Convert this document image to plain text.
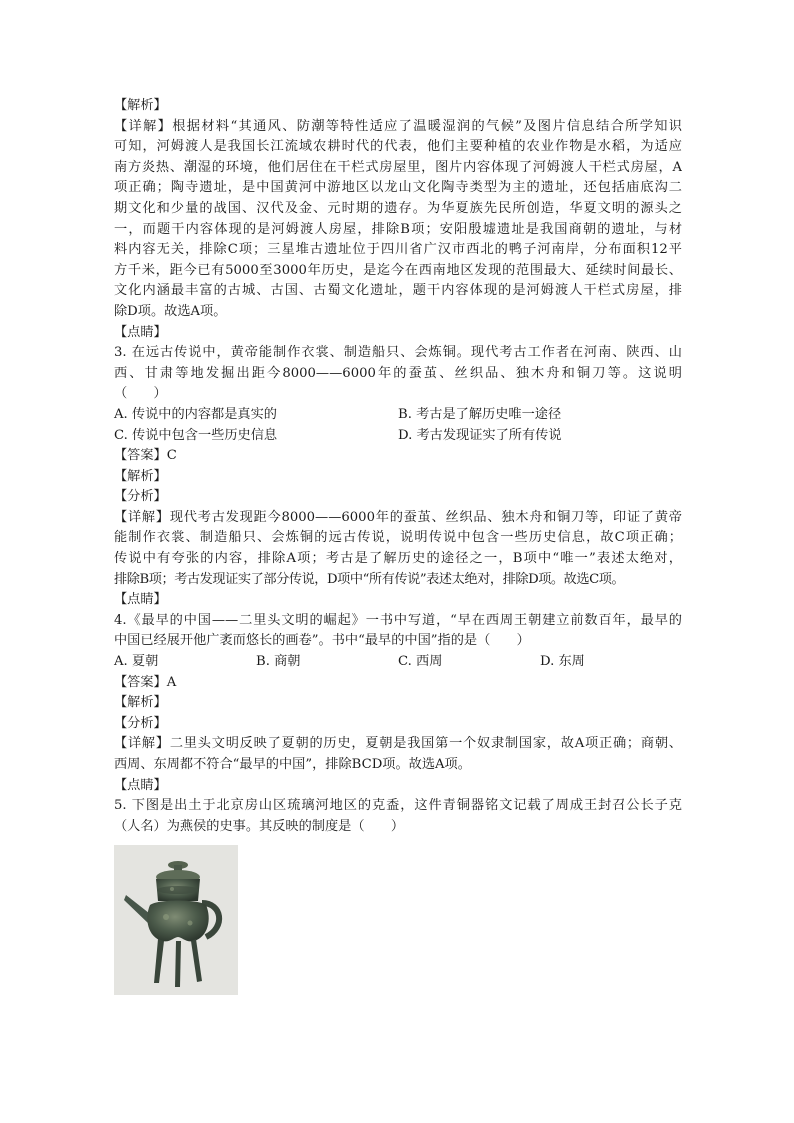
【解析】
【详解】根据材料“其通风、防潮等特性适应了温暖湿润的气候”及图片信息结合所学知识
可知，河姆渡人是我国长江流域农耕时代的代表，他们主要种植的农业作物是水稻，为适应
南方炎热、潮湿的环境，他们居住在干栏式房屋里，图片内容体现了河姆渡人干栏式房屋，A
项正确；陶寺遗址，是中国黄河中游地区以龙山文化陶寺类型为主的遗址，还包括庙底沟二
期文化和少量的战国、汉代及金、元时期的遗存。为华夏族先民所创造，华夏文明的源头之
一，而题干内容体现的是河姆渡人房屋，排除B项；安阳殷墟遗址是我国商朝的遗址，与材
料内容无关，排除C项；三星堆古遗址位于四川省广汉市西北的鸭子河南岸，分布面积12平
方千米，距今已有5000至3000年历史，是迄今在西南地区发现的范围最大、延续时间最长、
文化内涵最丰富的古城、古国、古蜀文化遗址，题干内容体现的是河姆渡人干栏式房屋，排
除D项。故选A项。
【点睛】
3. 在远古传说中，黄帝能制作衣裳、制造船只、会炼铜。现代考古工作者在河南、陕西、山
西、甘肃等地发掘出距今8000——6000年的蚕茧、丝织品、独木舟和铜刀等。这说明
（　　）
A. 传说中的内容都是真实的	B. 考古是了解历史唯一途径
C. 传说中包含一些历史信息	D. 考古发现证实了所有传说
【答案】C
【解析】
【分析】
【详解】现代考古发现距今8000——6000年的蚕茧、丝织品、独木舟和铜刀等，印证了黄帝
能制作衣裳、制造船只、会炼铜的远古传说，说明传说中包含一些历史信息，故C项正确；
传说中有夸张的内容，排除A项；考古是了解历史的途径之一，B项中“唯一”表述太绝对，
排除B项；考古发现证实了部分传说，D项中“所有传说”表述太绝对，排除D项。故选C项。
【点睛】
4.《最早的中国——二里头文明的崛起》一书中写道，“早在西周王朝建立前数百年，最早的
中国已经展开他广袤而悠长的画卷”。书中“最早的中国”指的是（　　）
A. 夏朝	B. 商朝	C. 西周	D. 东周
【答案】A
【解析】
【分析】
【详解】二里头文明反映了夏朝的历史，夏朝是我国第一个奴隶制国家，故A项正确；商朝、
西周、东周都不符合“最早的中国”，排除BCD项。故选A项。
【点睛】
5. 下图是出土于北京房山区琉璃河地区的克盉，这件青铜器铭文记载了周成王封召公长子克
（人名）为燕侯的史事。其反映的制度是（　　）
